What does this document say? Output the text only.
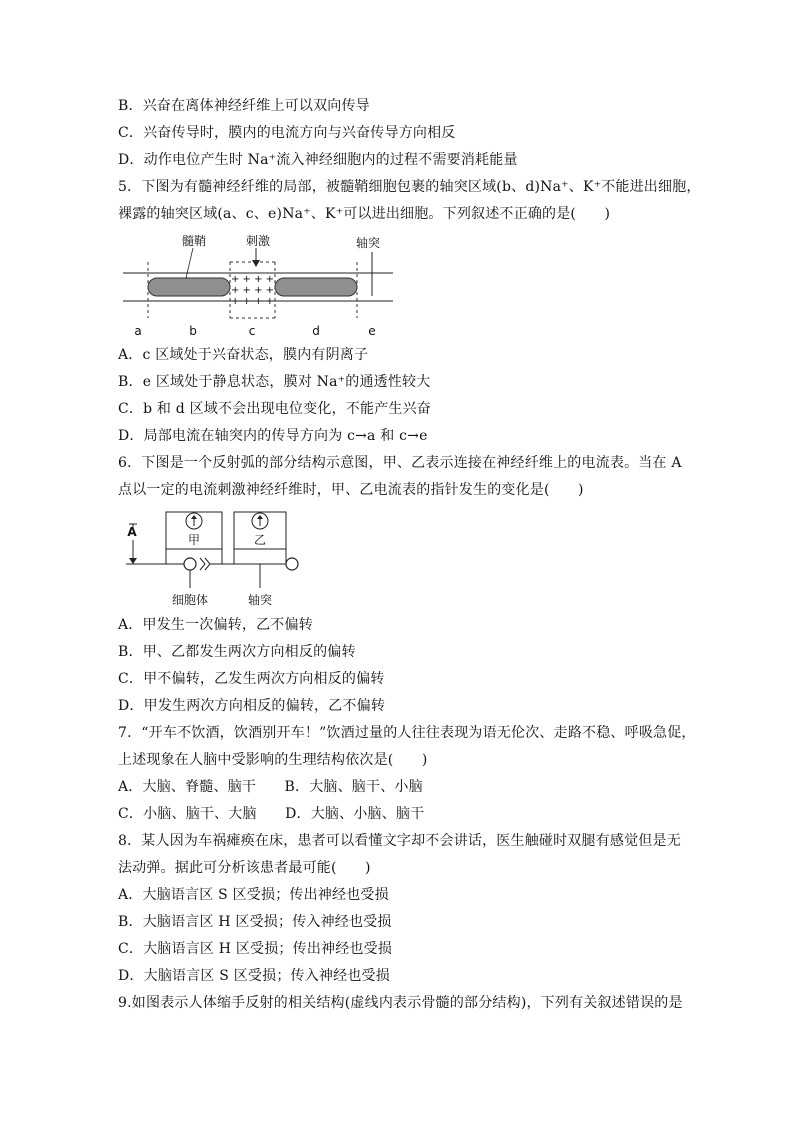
B．兴奋在离体神经纤维上可以双向传导
C．兴奋传导时，膜内的电流方向与兴奋传导方向相反
D．动作电位产生时 Na⁺流入神经细胞内的过程不需要消耗能量
5．下图为有髓神经纤维的局部，被髓鞘细胞包裹的轴突区域(b、d)Na⁺、K⁺不能进出细胞，
裸露的轴突区域(a、c、e)Na⁺、K⁺可以进出细胞。下列叙述不正确的是(　　)
+ + + +
+ + + +
+ + + +
髓鞘	刺激	轴突
a	b	c	d	e
A．c 区域处于兴奋状态，膜内有阴离子
B．e 区域处于静息状态，膜对 Na⁺的通透性较大
C．b 和 d 区域不会出现电位变化，不能产生兴奋
D．局部电流在轴突内的传导方向为 c→a 和 c→e
6．下图是一个反射弧的部分结构示意图，甲、乙表示连接在神经纤维上的电流表。当在 A
点以一定的电流刺激神经纤维时，甲、乙电流表的指针发生的变化是(　　)
A
甲	乙
细胞体	轴突
A．甲发生一次偏转，乙不偏转
B．甲、乙都发生两次方向相反的偏转
C．甲不偏转，乙发生两次方向相反的偏转
D．甲发生两次方向相反的偏转，乙不偏转
7．“开车不饮酒，饮酒别开车！”饮酒过量的人往往表现为语无伦次、走路不稳、呼吸急促，
上述现象在人脑中受影响的生理结构依次是(　　)
A．大脑、脊髓、脑干　　B．大脑、脑干、小脑
C．小脑、脑干、大脑　　D．大脑、小脑、脑干
8．某人因为车祸瘫痪在床，患者可以看懂文字却不会讲话，医生触碰时双腿有感觉但是无
法动弹。据此可分析该患者最可能(　　)
A．大脑语言区 S 区受损；传出神经也受损
B．大脑语言区 H 区受损；传入神经也受损
C．大脑语言区 H 区受损；传出神经也受损
D．大脑语言区 S 区受损；传入神经也受损
9.如图表示人体缩手反射的相关结构(虚线内表示骨髓的部分结构)，下列有关叙述错误的是
